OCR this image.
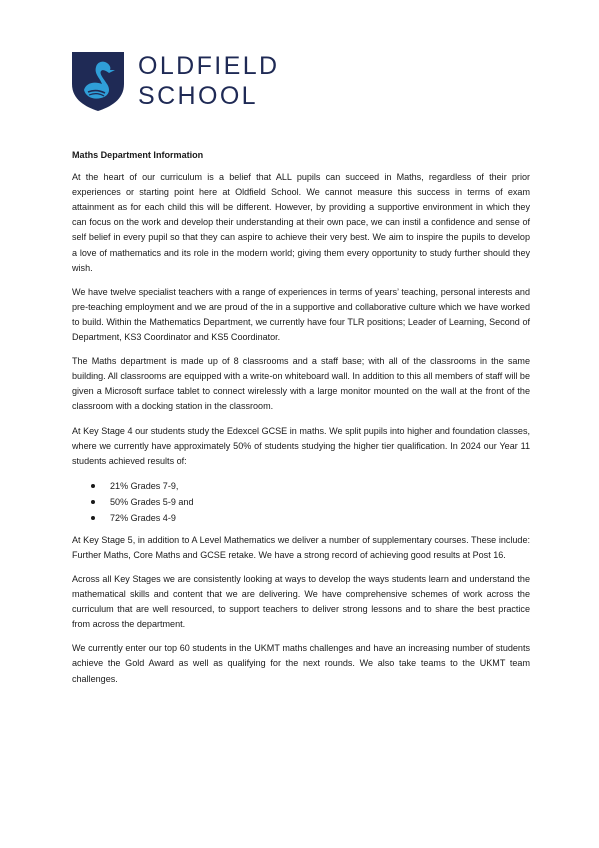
OLDFIELD
SCHOOL
Maths Department Information

At the heart of our curriculum is a belief that ALL pupils can succeed in Maths, regardless of their prior experiences or starting point here at Oldfield School. We cannot measure this success in terms of exam attainment as for each child this will be different. However, by providing a supportive environment in which they can focus on the work and develop their understanding at their own pace, we can instil a confidence and sense of self belief in every pupil so that they can aspire to achieve their very best. We aim to inspire the pupils to develop a love of mathematics and its role in the modern world; giving them every opportunity to study further should they wish.

We have twelve specialist teachers with a range of experiences in terms of years’ teaching, personal interests and pre-teaching employment and we are proud of the in a supportive and collaborative culture which we have worked to build. Within the Mathematics Department, we currently have four TLR positions; Leader of Learning, Second of Department, KS3 Coordinator and KS5 Coordinator.

The Maths department is made up of 8 classrooms and a staff base; with all of the classrooms in the same building. All classrooms are equipped with a write-on whiteboard wall. In addition to this all members of staff will be given a Microsoft surface tablet to connect wirelessly with a large monitor mounted on the wall at the front of the classroom with a docking station in the classroom.

At Key Stage 4 our students study the Edexcel GCSE in maths. We split pupils into higher and foundation classes, where we currently have approximately 50% of students studying the higher tier qualification. In 2024 our Year 11 students achieved results of:

21% Grades 7-9,
50% Grades 5-9 and
72% Grades 4-9

At Key Stage 5, in addition to A Level Mathematics we deliver a number of supplementary courses. These include: Further Maths, Core Maths and GCSE retake. We have a strong record of achieving good results at Post 16.

Across all Key Stages we are consistently looking at ways to develop the ways students learn and understand the mathematical skills and content that we are delivering. We have comprehensive schemes of work across the curriculum that are well resourced, to support teachers to deliver strong lessons and to share the best practice from across the department.

We currently enter our top 60 students in the UKMT maths challenges and have an increasing number of students achieve the Gold Award as well as qualifying for the next rounds. We also take teams to the UKMT team challenges.
